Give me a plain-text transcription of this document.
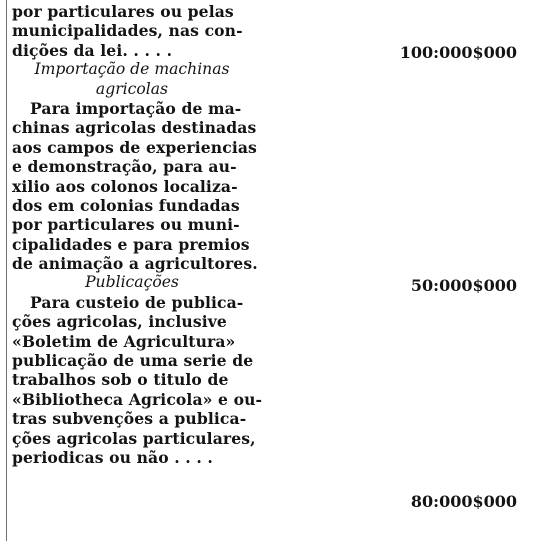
por particulares ou pelas
municipalidades, nas con-
dições da lei. . . . .
Importação de machinas
agricolas
Para importação de ma-
chinas agricolas destinadas
aos campos de experiencias
e demonstração, para au-
xilio aos colonos localiza-
dos em colonias fundadas
por particulares ou muni-
cipalidades e para premios
de animação a agricultores.
Publicações
Para custeio de publica-
ções agricolas, inclusive
«Boletim de Agricultura»
publicação de uma serie de
trabalhos sob o titulo de
«Bibliotheca Agricola» e ou-
tras subvenções a publica-
ções agricolas particulares,
periodicas ou não . . . .
100:000$000
50:000$000
80:000$000
